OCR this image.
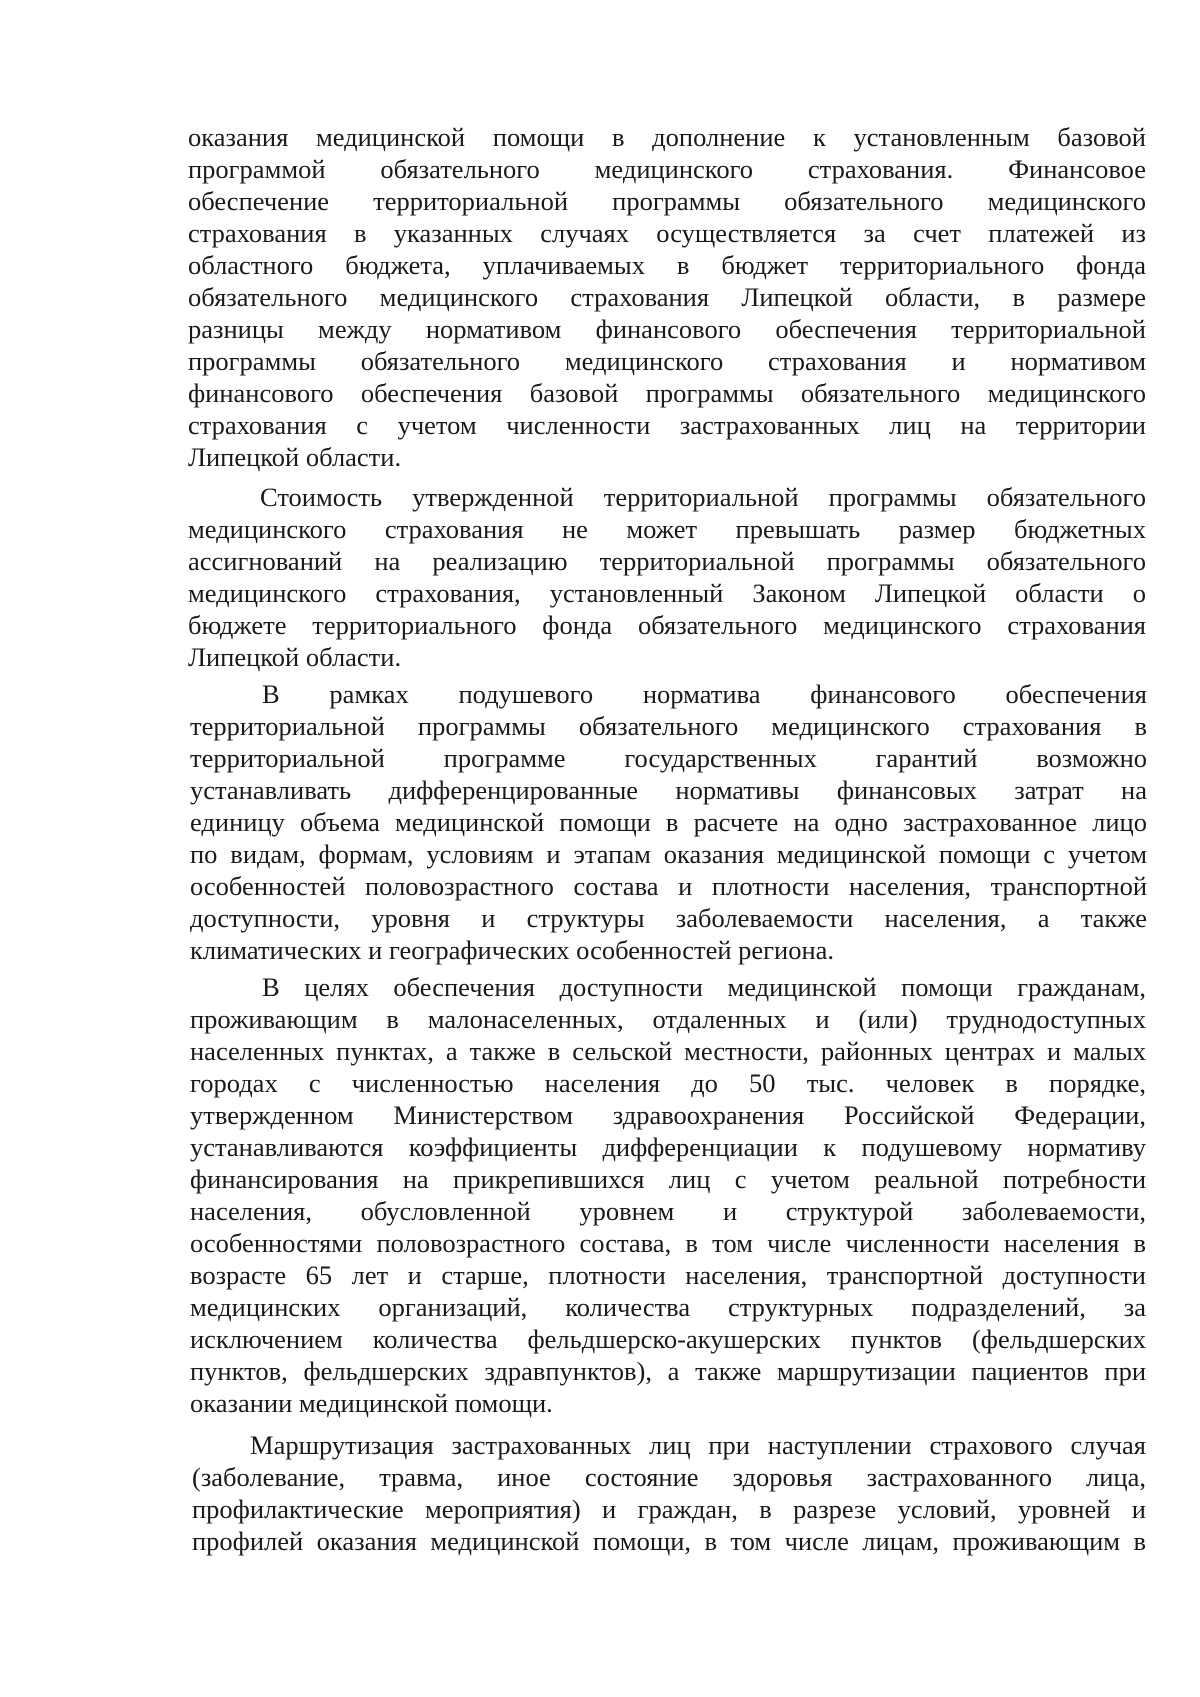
оказания медицинской помощи в дополнение к установленным базовой
программой обязательного медицинского страхования. Финансовое
обеспечение территориальной программы обязательного медицинского
страхования в указанных случаях осуществляется за счет платежей из
областного бюджета, уплачиваемых в бюджет территориального фонда
обязательного медицинского страхования Липецкой области, в размере
разницы между нормативом финансового обеспечения территориальной
программы обязательного медицинского страхования и нормативом
финансового обеспечения базовой программы обязательного медицинского
страхования с учетом численности застрахованных лиц на территории
Липецкой области.
Стоимость утвержденной территориальной программы обязательного
медицинского страхования не может превышать размер бюджетных
ассигнований на реализацию территориальной программы обязательного
медицинского страхования, установленный Законом Липецкой области о
бюджете территориального фонда обязательного медицинского страхования
Липецкой области.
В рамках подушевого норматива финансового обеспечения
территориальной программы обязательного медицинского страхования в
территориальной программе государственных гарантий возможно
устанавливать дифференцированные нормативы финансовых затрат на
единицу объема медицинской помощи в расчете на одно застрахованное лицо
по видам, формам, условиям и этапам оказания медицинской помощи с учетом
особенностей половозрастного состава и плотности населения, транспортной
доступности, уровня и структуры заболеваемости населения, а также
климатических и географических особенностей региона.
В целях обеспечения доступности медицинской помощи гражданам,
проживающим в малонаселенных, отдаленных и (или) труднодоступных
населенных пунктах, а также в сельской местности, районных центрах и малых
городах с численностью населения до 50 тыс. человек в порядке,
утвержденном Министерством здравоохранения Российской Федерации,
устанавливаются коэффициенты дифференциации к подушевому нормативу
финансирования на прикрепившихся лиц с учетом реальной потребности
населения, обусловленной уровнем и структурой заболеваемости,
особенностями половозрастного состава, в том числе численности населения в
возрасте 65 лет и старше, плотности населения, транспортной доступности
медицинских организаций, количества структурных подразделений, за
исключением количества фельдшерско-акушерских пунктов (фельдшерских
пунктов, фельдшерских здравпунктов), а также маршрутизации пациентов при
оказании медицинской помощи.
Маршрутизация застрахованных лиц при наступлении страхового случая
(заболевание, травма, иное состояние здоровья застрахованного лица,
профилактические мероприятия) и граждан, в разрезе условий, уровней и
профилей оказания медицинской помощи, в том числе лицам, проживающим в
